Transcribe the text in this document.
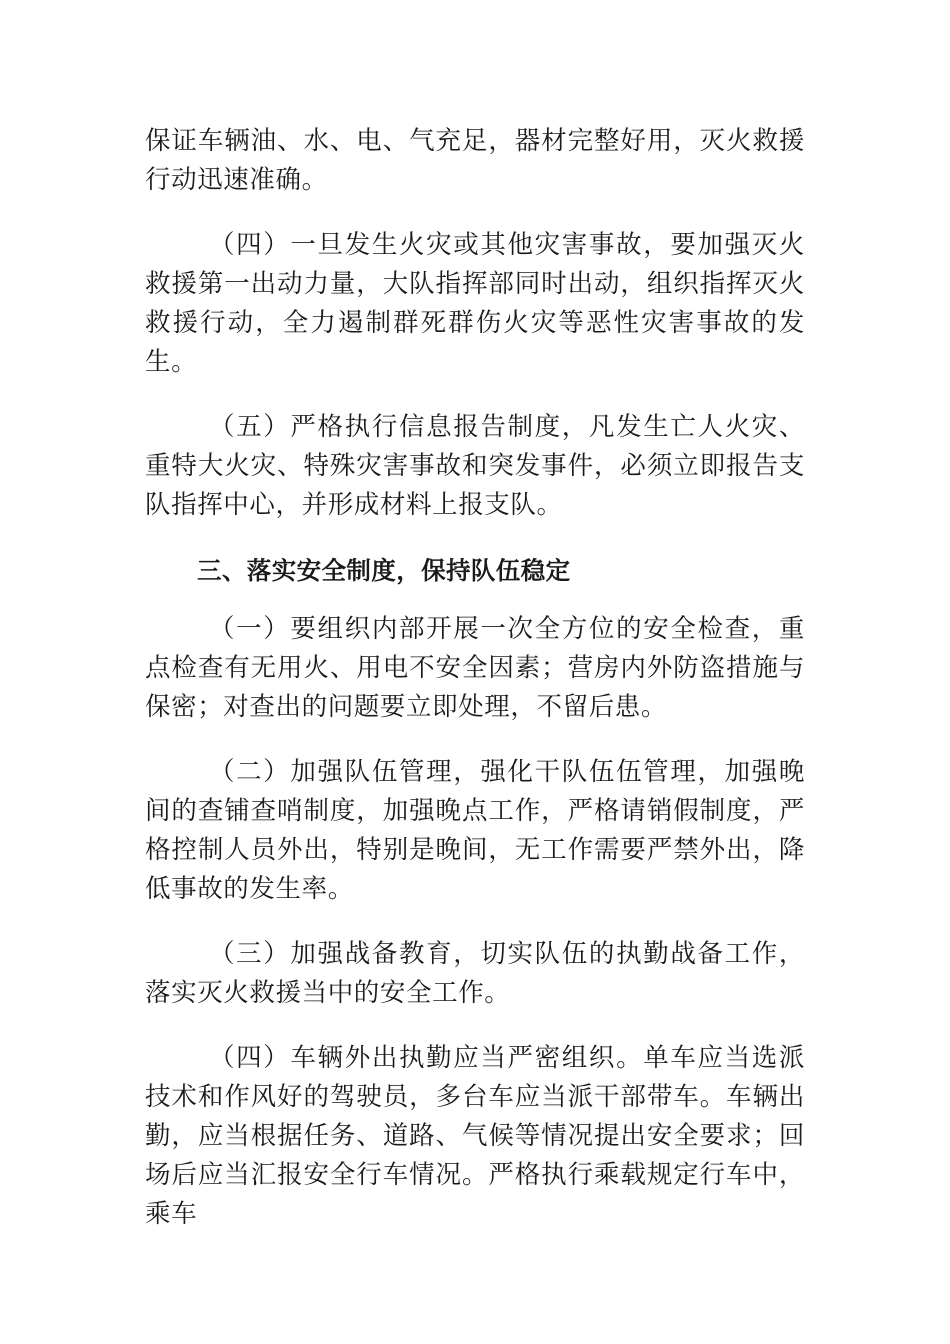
保证车辆油、水、电、气充足，器材完整好用，灭火救援行动迅速准确。

（四）一旦发生火灾或其他灾害事故，要加强灭火救援第一出动力量，大队指挥部同时出动，组织指挥灭火救援行动，全力遏制群死群伤火灾等恶性灾害事故的发生。

（五）严格执行信息报告制度，凡发生亡人火灾、重特大火灾、特殊灾害事故和突发事件，必须立即报告支队指挥中心，并形成材料上报支队。

三、落实安全制度，保持队伍稳定

（一）要组织内部开展一次全方位的安全检查，重点检查有无用火、用电不安全因素；营房内外防盗措施与保密；对查出的问题要立即处理，不留后患。

（二）加强队伍管理，强化干队伍伍管理，加强晚间的查铺查哨制度，加强晚点工作，严格请销假制度，严格控制人员外出，特别是晚间，无工作需要严禁外出，降低事故的发生率。

（三）加强战备教育，切实队伍的执勤战备工作，落实灭火救援当中的安全工作。

（四）车辆外出执勤应当严密组织。单车应当选派技术和作风好的驾驶员，多台车应当派干部带车。车辆出勤，应当根据任务、道路、气候等情况提出安全要求；回场后应当汇报安全行车情况。严格执行乘载规定行车中，乘车
